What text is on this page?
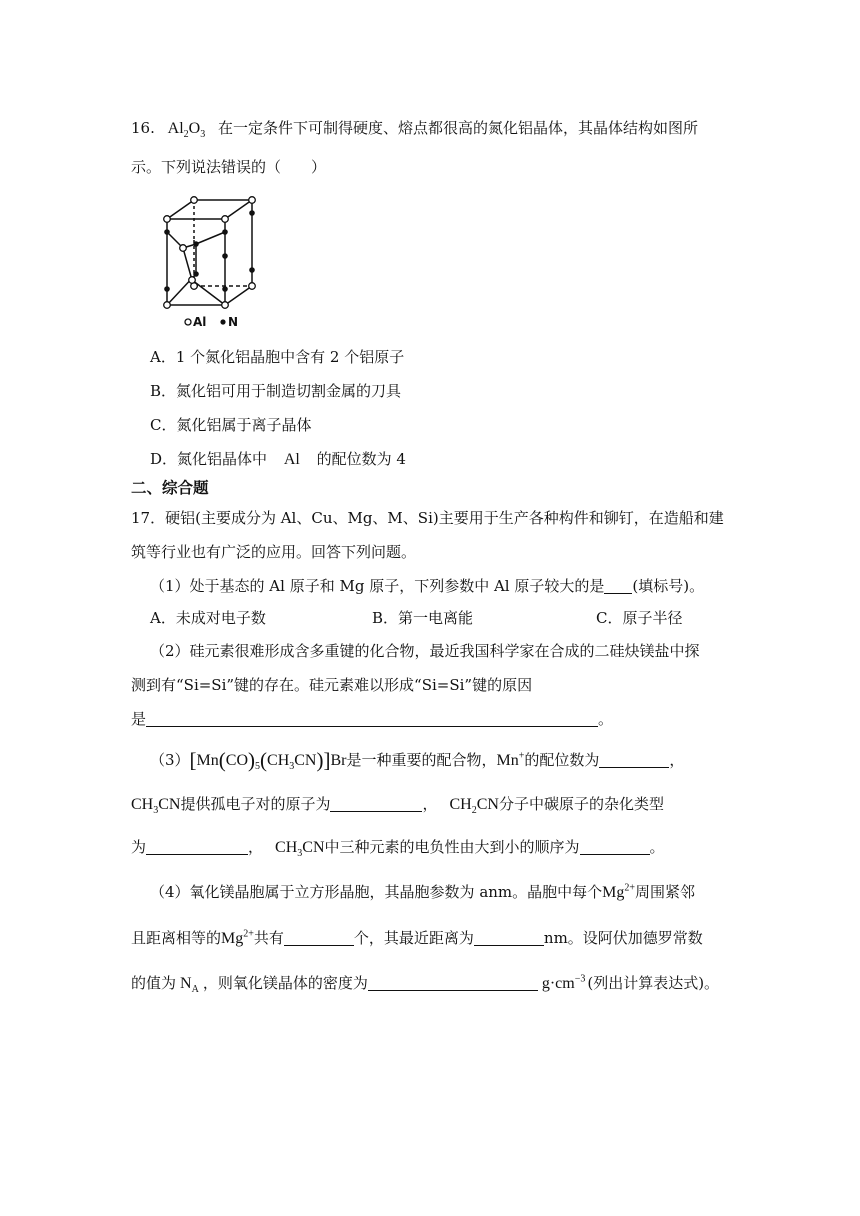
16. $Al_2O_3$ 在一定条件下可制得硬度、熔点都很高的氮化铝晶体，其晶体结构如图所
示。下列说法错误的（　　）
Al N
A．1 个氮化铝晶胞中含有 2 个铝原子
B．氮化铝可用于制造切割金属的刀具
C．氮化铝属于离子晶体
D．氮化铝晶体中 Al 的配位数为 4
二、综合题
17．硬铝(主要成分为 Al、Cu、Mg、M、Si)主要用于生产各种构件和铆钉，在造船和建
筑等行业也有广泛的应用。回答下列问题。
（1）处于基态的 Al 原子和 Mg 原子，下列参数中 Al 原子较大的是 (填标号)。
A．未成对电子数	B．第一电离能	C．原子半径
（2）硅元素很难形成含多重键的化合物，最近我国科学家在合成的二硅炔镁盐中探
测到有“Si=Si”键的存在。硅元素难以形成“Si=Si”键的原因
是	。
$(3)[Mn(CO)_5(CH_3CN)]Br$是一种重要的配合物，Mn+的配位数为	，
$CH_3CN$提供孤电子对的原子为	， $CH_2CN$分子中碳原子的杂化类型
为	， $CH_3CN$中三种元素的电负性由大到小的顺序为	。
（4）氧化镁晶胞属于立方形晶胞，其晶胞参数为 anm。晶胞中每个$Mg^{2+}$周围紧邻
且距离相等的$Mg^{2+}$共有	个，其最近距离为	nm。设阿伏加德罗常数
的值为 $N_A$ ，则氧化镁晶体的密度为	$g\cdot cm^{-3}$ (列出计算表达式)。
